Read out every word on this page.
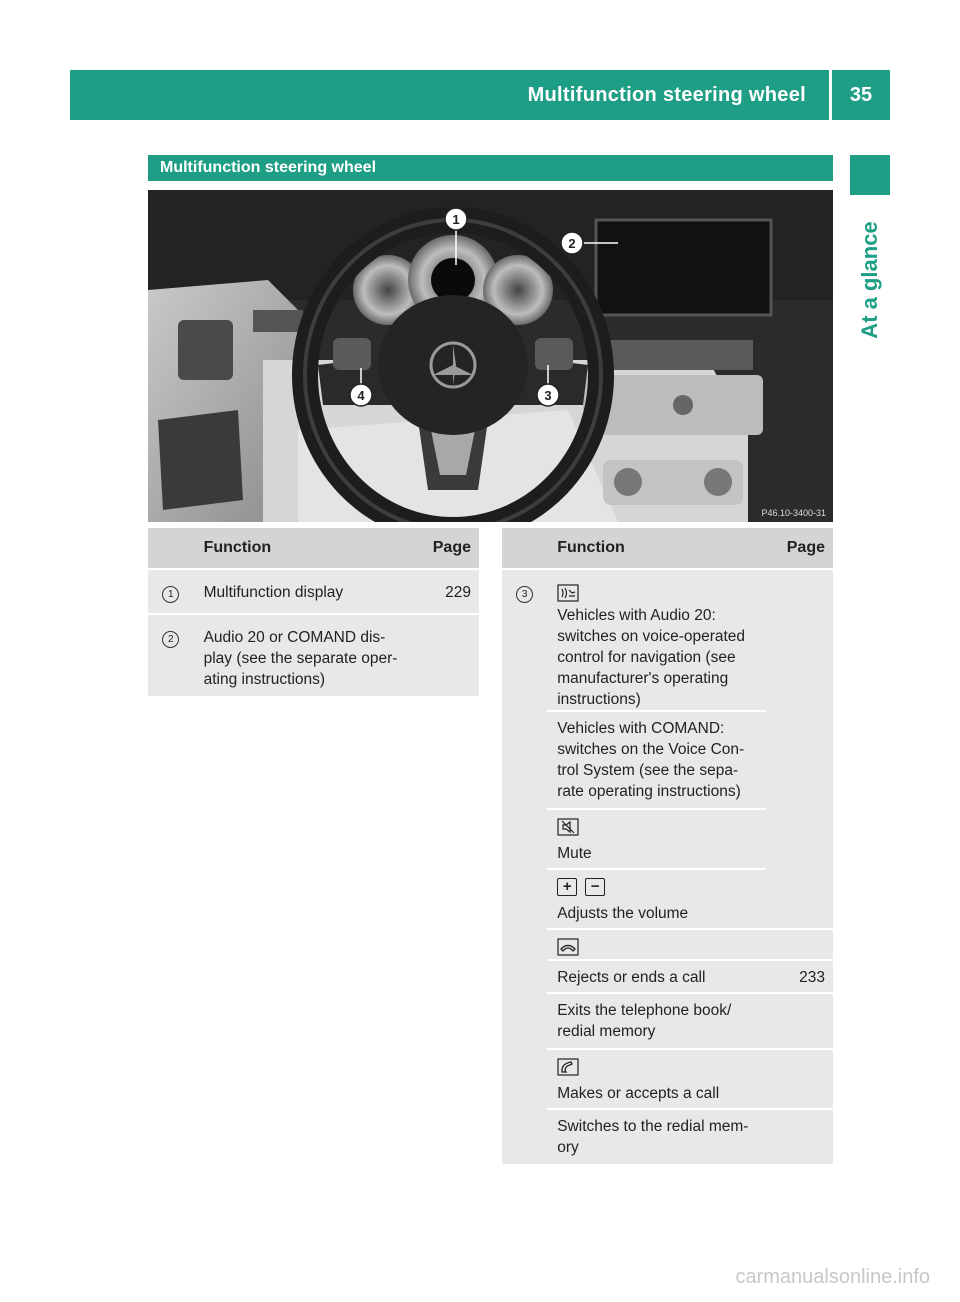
Multifunction steering wheel	35
At a glance
Multifunction steering wheel
1
2
3
4
P46.10-3400-31
	Function	Page
1	Multifunction display	229
2	Audio 20 or COMAND dis-play (see the separate oper-ating instructions)	
	Function	Page
3		
	Vehicles with Audio 20: switches on voice-operated control for navigation (see manufacturer's operating instructions)	
	Vehicles with COMAND: switches on the Voice Con-trol System (see the sepa-rate operating instructions)	

	Mute	

	+ −
Adjusts the volume	

	Rejects or ends a call	233
	Exits the telephone book/ redial memory	

	Makes or accepts a call	

	Switches to the redial mem-ory	
carmanualsonline.info
